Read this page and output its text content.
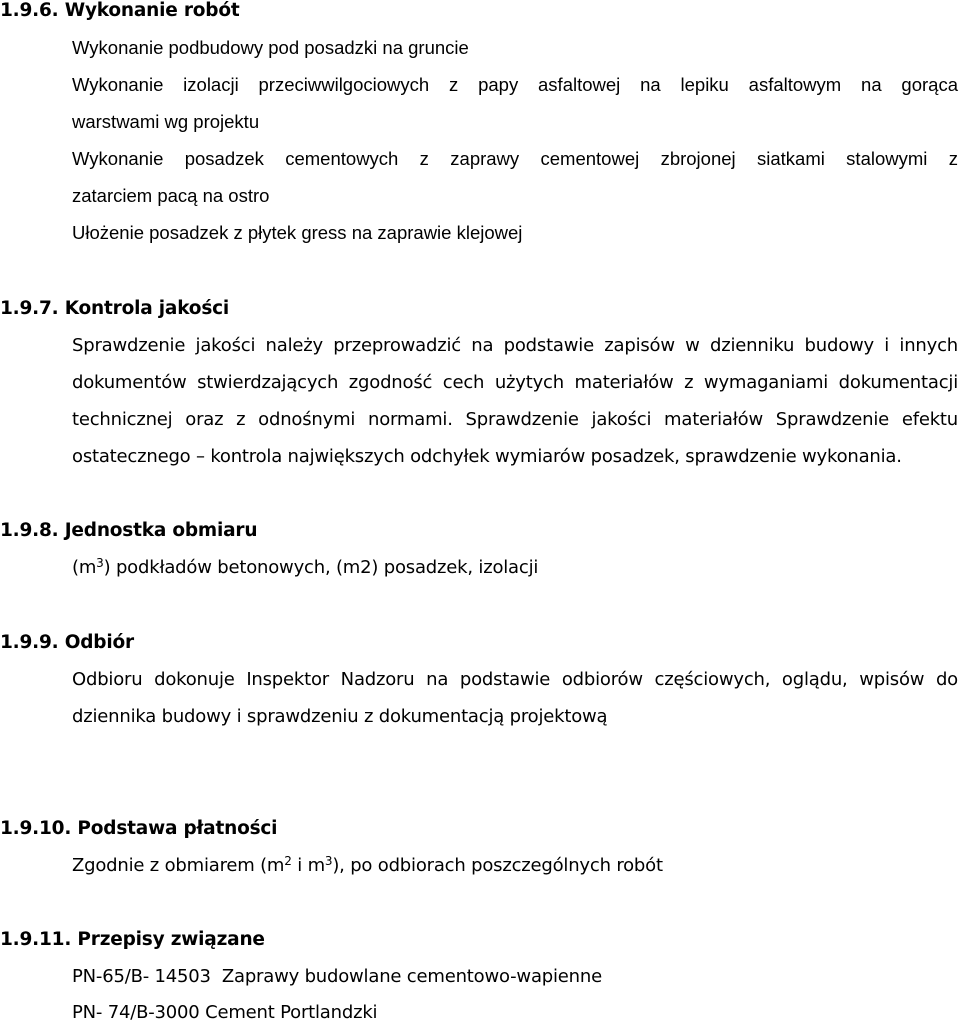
1.9.6. Wykonanie robót
Wykonanie podbudowy pod posadzki na gruncie
Wykonanie izolacji przeciwwilgociowych z papy asfaltowej na lepiku asfaltowym na gorąca
warstwami wg projektu
Wykonanie posadzek cementowych z zaprawy cementowej zbrojonej siatkami stalowymi z
zatarciem pacą na ostro
Ułożenie posadzek z płytek gress na zaprawie klejowej
1.9.7. Kontrola jakości
Sprawdzenie jakości należy przeprowadzić na podstawie zapisów w dzienniku budowy i innych
dokumentów stwierdzających zgodność cech użytych materiałów z wymaganiami dokumentacji
technicznej oraz z odnośnymi normami. Sprawdzenie jakości materiałów Sprawdzenie efektu
ostatecznego – kontrola największych odchyłek wymiarów posadzek, sprawdzenie wykonania.
1.9.8. Jednostka obmiaru
$(m^3)$ podkładów betonowych, (m2) posadzek, izolacji
1.9.9. Odbiór
Odbioru dokonuje Inspektor Nadzoru na podstawie odbiorów częściowych, oglądu, wpisów do
dziennika budowy i sprawdzeniu z dokumentacją projektową
1.9.10. Podstawa płatności
Zgodnie z obmiarem ($m^2$ i $m^3$), po odbiorach poszczególnych robót
1.9.11. Przepisy związane
PN-65/B- 14503  Zaprawy budowlane cementowo-wapienne
PN- 74/B-3000 Cement Portlandzki
